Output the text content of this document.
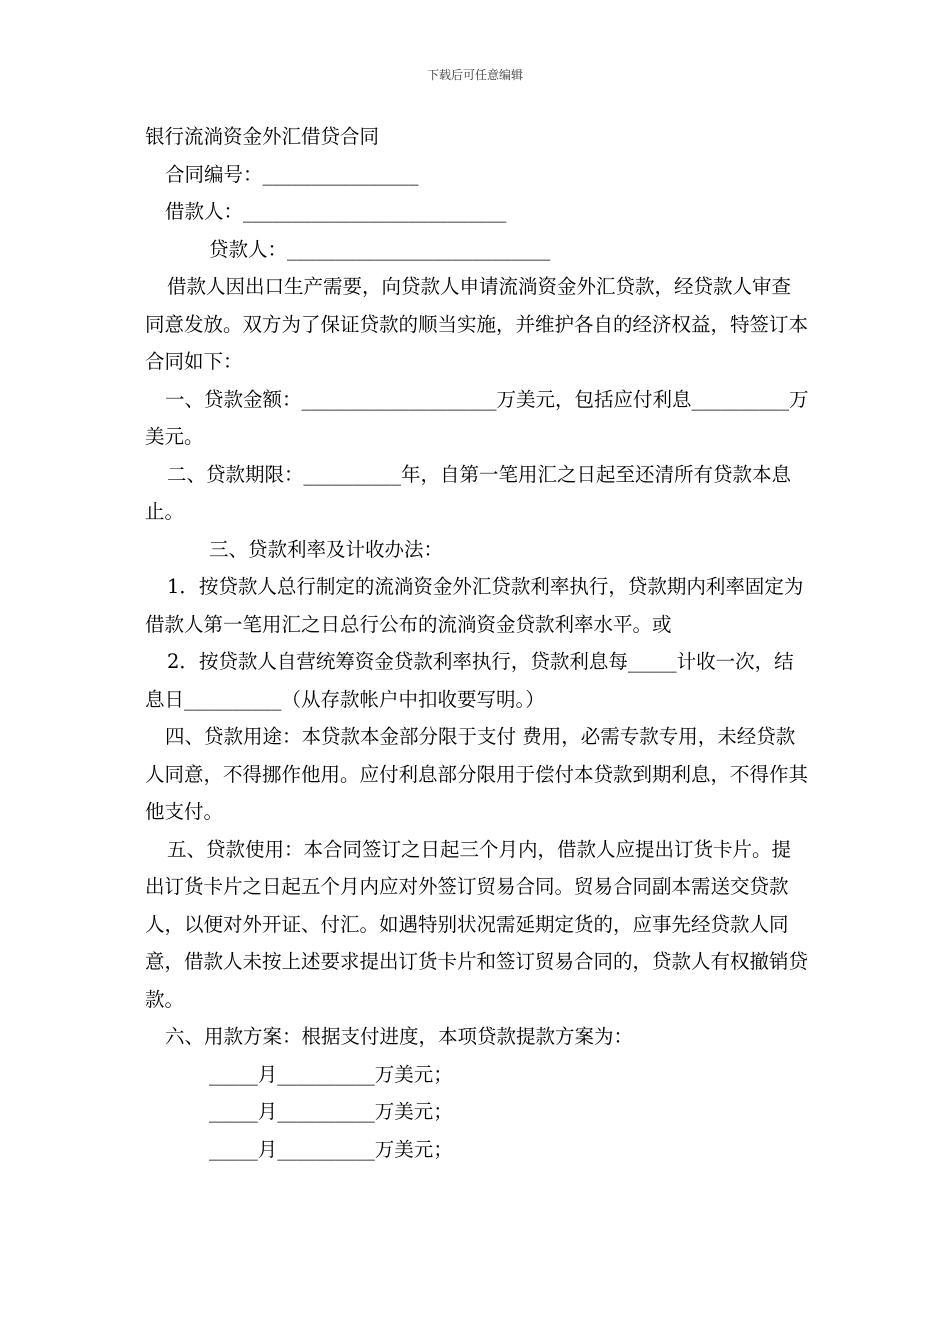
下载后可任意编辑

银行流淌资金外汇借贷合同

合同编号：________________

借款人：___________________________

贷款人：___________________________

借款人因出口生产需要，向贷款人申请流淌资金外汇贷款，经贷款人审查同意发放。双方为了保证贷款的顺当实施，并维护各自的经济权益，特签订本合同如下：

一、贷款金额：____________________万美元，包括应付利息__________万美元。

二、贷款期限：__________年，自第一笔用汇之日起至还清所有贷款本息止。

三、贷款利率及计收办法：

1．按贷款人总行制定的流淌资金外汇贷款利率执行，贷款期内利率固定为借款人第一笔用汇之日总行公布的流淌资金贷款利率水平。或

2．按贷款人自营统筹资金贷款利率执行，贷款利息每_____计收一次，结息日__________（从存款帐户中扣收要写明。）

四、贷款用途：本贷款本金部分限于支付 费用，必需专款专用，未经贷款人同意，不得挪作他用。应付利息部分限用于偿付本贷款到期利息，不得作其他支付。

五、贷款使用：本合同签订之日起三个月内，借款人应提出订货卡片。提出订货卡片之日起五个月内应对外签订贸易合同。贸易合同副本需送交贷款人，以便对外开证、付汇。如遇特别状况需延期定货的，应事先经贷款人同意，借款人未按上述要求提出订货卡片和签订贸易合同的，贷款人有权撤销贷款。

六、用款方案：根据支付进度，本项贷款提款方案为：

_____月__________万美元；

_____月__________万美元；

_____月__________万美元；
